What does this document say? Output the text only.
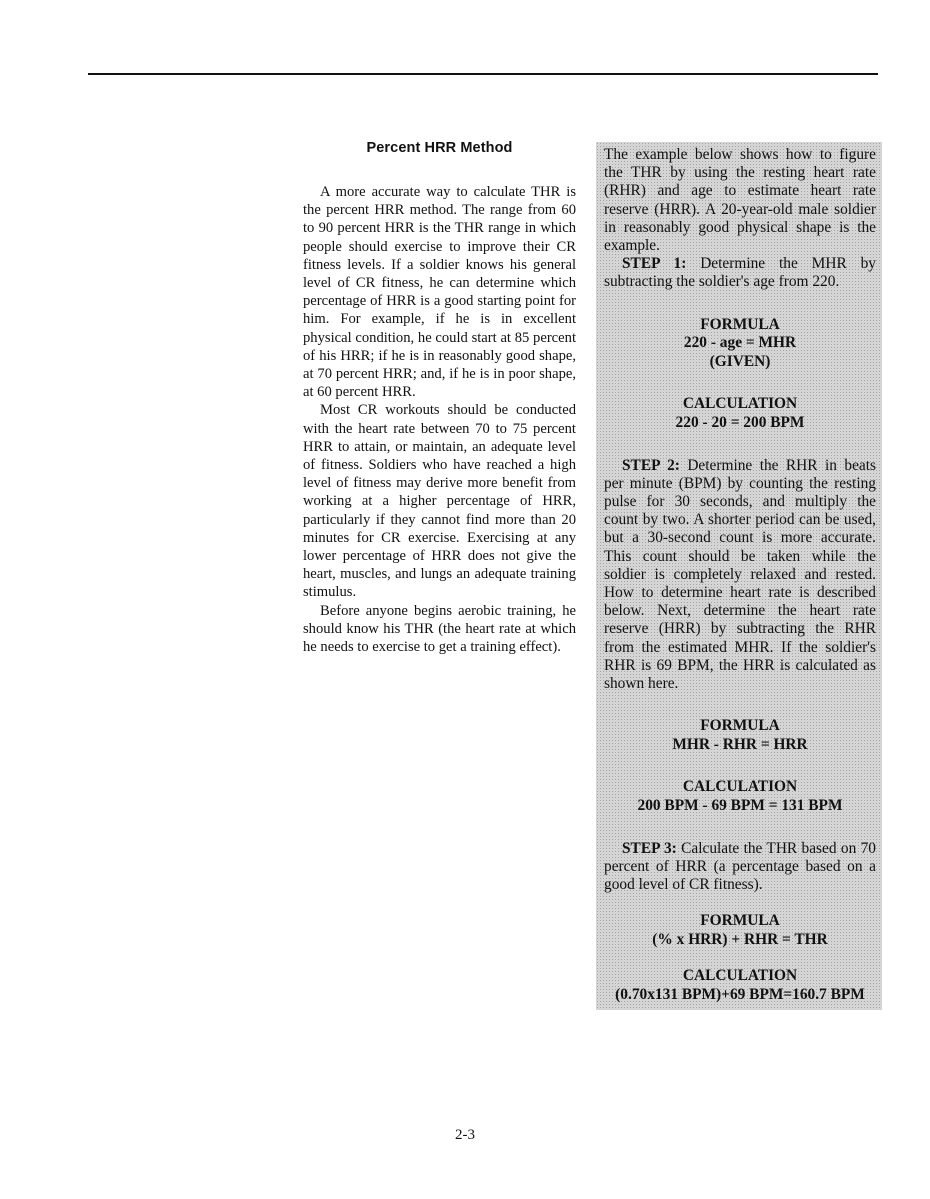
Percent HRR Method

A more accurate way to calculate THR is the percent HRR method. The range from 60 to 90 percent HRR is the THR range in which people should exercise to improve their CR fitness levels. If a soldier knows his general level of CR fitness, he can determine which percentage of HRR is a good starting point for him. For example, if he is in excellent physical condition, he could start at 85 percent of his HRR; if he is in reasonably good shape, at 70 percent HRR; and, if he is in poor shape, at 60 percent HRR.

Most CR workouts should be conducted with the heart rate between 70 to 75 percent HRR to attain, or maintain, an adequate level of fitness. Soldiers who have reached a high level of fitness may derive more benefit from working at a higher percentage of HRR, particularly if they cannot find more than 20 minutes for CR exercise. Exercising at any lower percentage of HRR does not give the heart, muscles, and lungs an adequate training stimulus.

Before anyone begins aerobic training, he should know his THR (the heart rate at which he needs to exercise to get a training effect).

The example below shows how to figure the THR by using the resting heart rate (RHR) and age to estimate heart rate reserve (HRR). A 20-year-old male soldier in reasonably good physical shape is the example.

STEP 1: Determine the MHR by subtracting the soldier's age from 220.

FORMULA

220 - age = MHR

(GIVEN)

CALCULATION

220 - 20 = 200 BPM

STEP 2: Determine the RHR in beats per minute (BPM) by counting the resting pulse for 30 seconds, and multiply the count by two. A shorter period can be used, but a 30-second count is more accurate. This count should be taken while the soldier is completely relaxed and rested. How to determine heart rate is described below. Next, determine the heart rate reserve (HRR) by subtracting the RHR from the estimated MHR. If the soldier's RHR is 69 BPM, the HRR is calculated as shown here.

FORMULA

MHR - RHR = HRR

CALCULATION

200 BPM - 69 BPM = 131 BPM

STEP 3: Calculate the THR based on 70 percent of HRR (a percentage based on a good level of CR fitness).

FORMULA

(% x HRR) + RHR = THR

CALCULATION

(0.70x131 BPM)+69 BPM=160.7 BPM

2-3
